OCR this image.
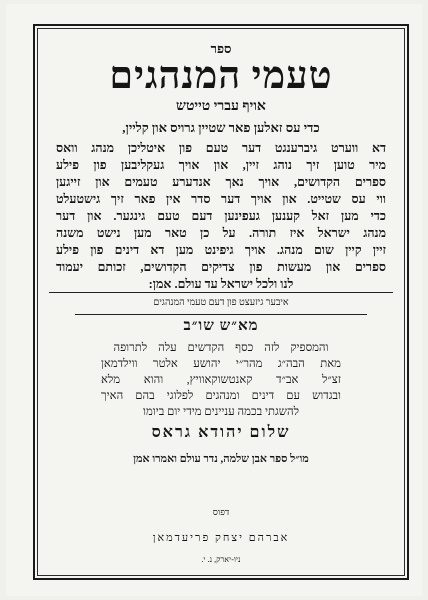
ספר
טעמי המנהגים
אויף עברי טייטש
כדי עס זאלען פאר שטיין גרויס און קליין,
דא ווערט גיברענגט דער טעם פון איטליכן מנהג וואס
מיר טוען זיך נוהג זיין, און אויך געקליבען פון פילע
ספרים הקדושים, אויך נאך אנדערע טעמים און זייגען
ווי עס שטייט. און אויך דער סדר אין פאר זיך גישטעלט
כדי מען זאל קענען געפינען דעם טעם גינגער. און דער
מנהג ישראל איז תורה. על כן טאר מען נישט משנה
זיין קיין שום מנהג. אויך גיפינט מען דא דינים פון פילע
ספרים און מעשות פון צדיקים הקדושים, זכותם יעמוד
לנו ולכל ישראל עד עולם. אמן:
איבער גיזעצט פון דעם טעמי המנהגים
מא״ש שו״ב
והמספיק לזה כסף הקדשים עלה לתרופה
מאת הבה״ג מהר״י יהושע אלטר ווילדמאן
זצ״ל אב״ד קאנטשוקאוויץ, והוא מלא
ובגדוש עם דינים ומנהגים לפלוגי בהם האיך
להשגתי בכמה עניינים מידי יום ביומו
שלום יהודא גראס
מו״ל ספר אבן שלמה, נדר עולם ואמרו אמן
דפוס
אברהם יצחק פריעדמאן
ניו-יארק, נ. י.
